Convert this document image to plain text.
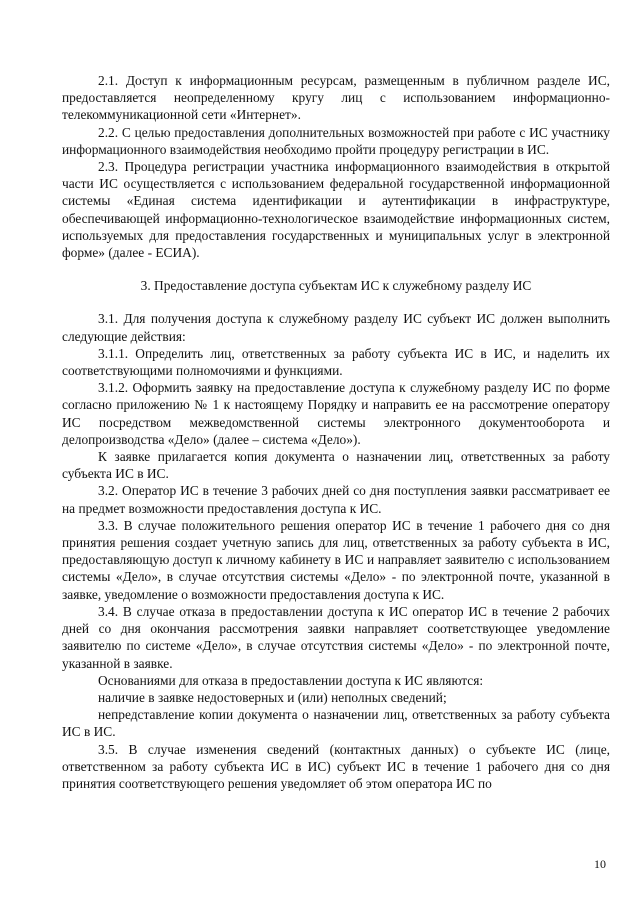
2.1. Доступ к информационным ресурсам, размещенным в публичном разделе ИС, предоставляется неопределенному кругу лиц с использованием информационно-телекоммуникационной сети «Интернет».

2.2. С целью предоставления дополнительных возможностей при работе с ИС участнику информационного взаимодействия необходимо пройти процедуру регистрации в ИС.

2.3. Процедура регистрации участника информационного взаимодействия в открытой части ИС осуществляется с использованием федеральной государственной информационной системы «Единая система идентификации и аутентификации в инфраструктуре, обеспечивающей информационно-технологическое взаимодействие информационных систем, используемых для предоставления государственных и муниципальных услуг в электронной форме» (далее - ЕСИА).

3. Предоставление доступа субъектам ИС к служебному разделу ИС

3.1. Для получения доступа к служебному разделу ИС субъект ИС должен выполнить следующие действия:

3.1.1. Определить лиц, ответственных за работу субъекта ИС в ИС, и наделить их соответствующими полномочиями и функциями.

3.1.2. Оформить заявку на предоставление доступа к служебному разделу ИС по форме согласно приложению № 1 к настоящему Порядку и направить ее на рассмотрение оператору ИС посредством межведомственной системы электронного документооборота и делопроизводства «Дело» (далее – система «Дело»).

К заявке прилагается копия документа о назначении лиц, ответственных за работу субъекта ИС в ИС.

3.2. Оператор ИС в течение 3 рабочих дней со дня поступления заявки рассматривает ее на предмет возможности предоставления доступа к ИС.

3.3. В случае положительного решения оператор ИС в течение 1 рабочего дня со дня принятия решения создает учетную запись для лиц, ответственных за работу субъекта в ИС, предоставляющую доступ к личному кабинету в ИС и направляет заявителю с использованием системы «Дело», в случае отсутствия системы «Дело» - по электронной почте, указанной в заявке, уведомление о возможности предоставления доступа к ИС.

3.4. В случае отказа в предоставлении доступа к ИС оператор ИС в течение 2 рабочих дней со дня окончания рассмотрения заявки направляет соответствующее уведомление заявителю по системе «Дело», в случае отсутствия системы «Дело» - по электронной почте, указанной в заявке.

Основаниями для отказа в предоставлении доступа к ИС являются:

наличие в заявке недостоверных и (или) неполных сведений;

непредставление копии документа о назначении лиц, ответственных за работу субъекта ИС в ИС.

3.5. В случае изменения сведений (контактных данных) о субъекте ИС (лице, ответственном за работу субъекта ИС в ИС) субъект ИС в течение 1 рабочего дня со дня принятия соответствующего решения уведомляет об этом оператора ИС по

10
